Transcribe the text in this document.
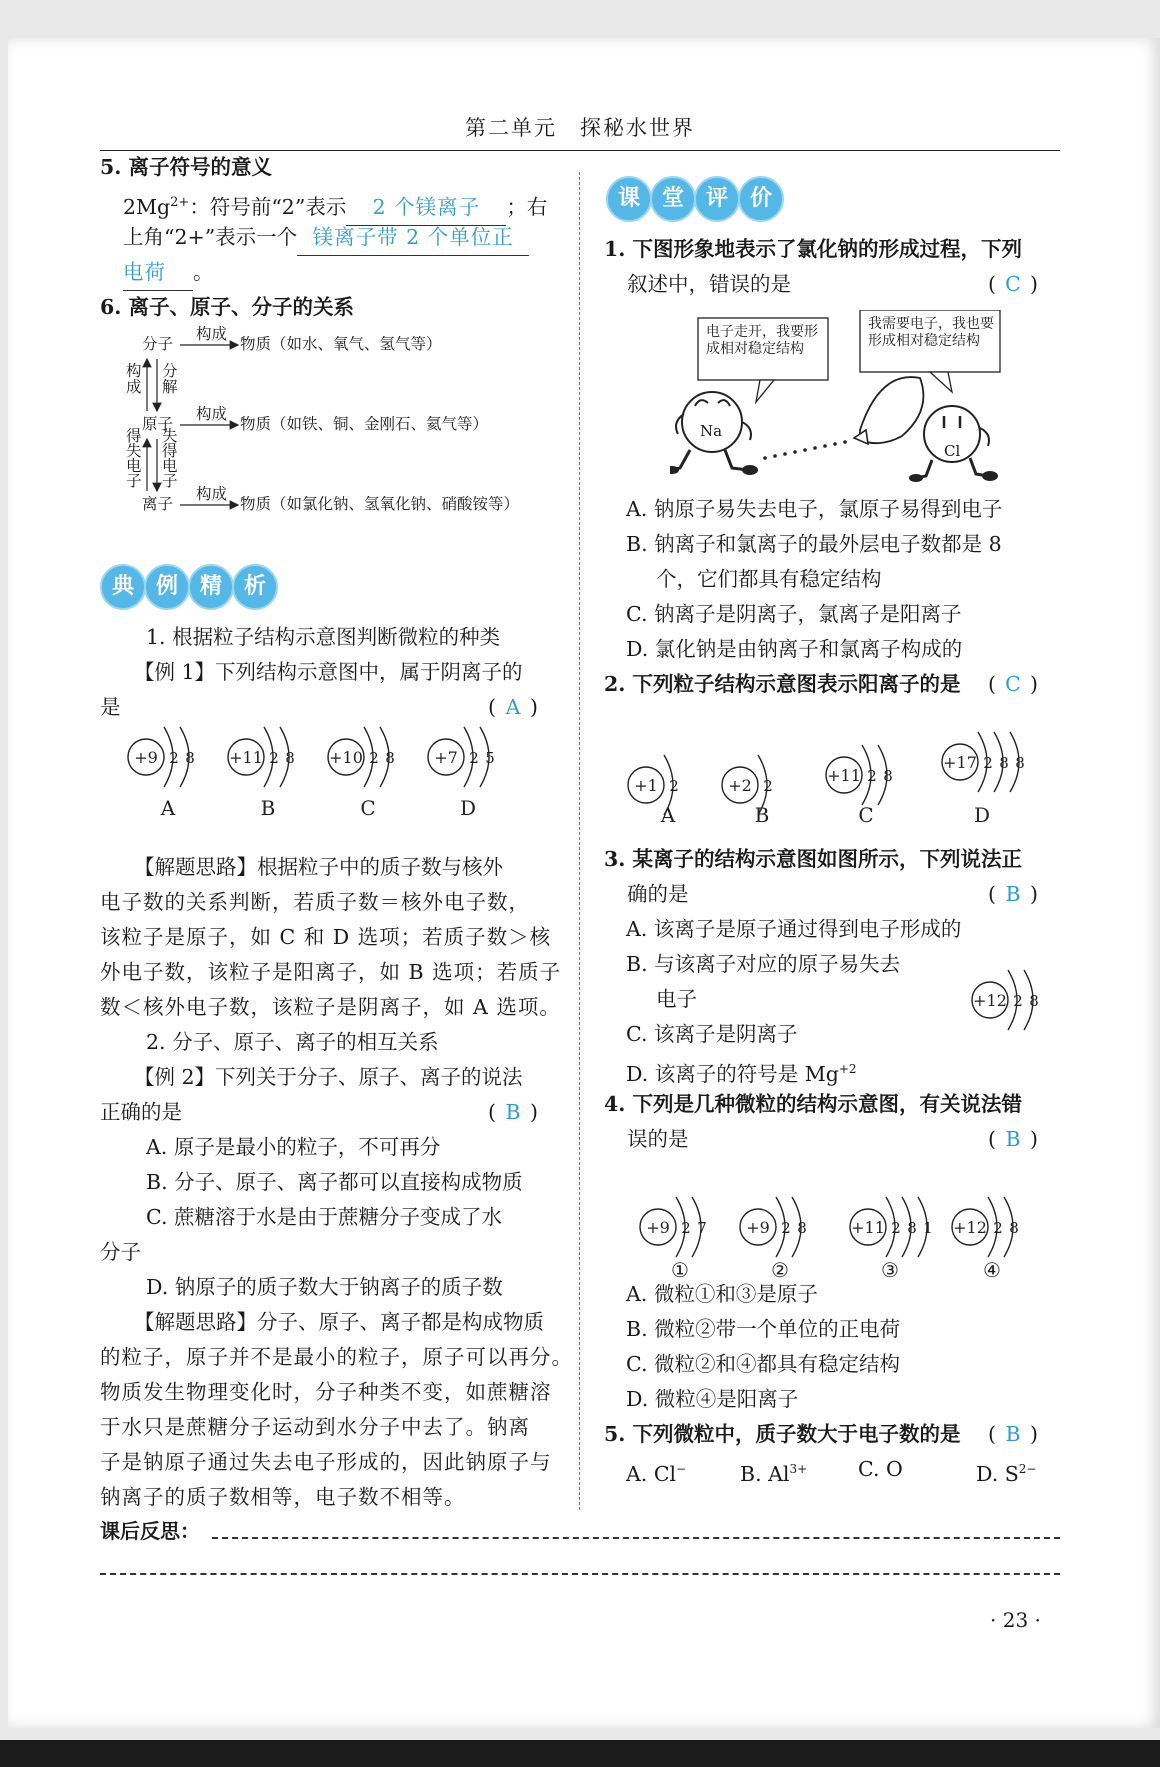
第二单元　探秘水世界
5. 离子符号的意义
$2Mg^{2+}$：符号前“2”表示 2 个镁离子 ；右
上角“2+”表示一个 镁离子带 2 个单位正
电荷 。
6. 离子、原子、分子的关系
分子
原子
离子
构成
构成
构成
物质（如水、氧气、氢气等）
物质（如铁、铜、金刚石、氦气等）
物质（如氯化钠、氢氧化钠、硝酸铵等）
构成
分解
得失电子
失得电子
典 例 精 析
1. 根据粒子结构示意图判断微粒的种类
【例 1】下列结构示意图中，属于阴离子的
是	( A )
+9 2 8
A
+11 2 8
B
+10 2 8
C
+7 2 5
D
【解题思路】根据粒子中的质子数与核外
电子数的关系判断，若质子数＝核外电子数，
该粒子是原子，如 C 和 D 选项；若质子数＞核
外电子数，该粒子是阳离子，如 B 选项；若质子
数＜核外电子数，该粒子是阴离子，如 A 选项。
2. 分子、原子、离子的相互关系
【例 2】下列关于分子、原子、离子的说法
正确的是	( B )
A. 原子是最小的粒子，不可再分
B. 分子、原子、离子都可以直接构成物质
C. 蔗糖溶于水是由于蔗糖分子变成了水
分子
D. 钠原子的质子数大于钠离子的质子数
【解题思路】分子、原子、离子都是构成物质
的粒子，原子并不是最小的粒子，原子可以再分。
物质发生物理变化时，分子种类不变，如蔗糖溶
于水只是蔗糖分子运动到水分子中去了。钠离
子是钠原子通过失去电子形成的，因此钠原子与
钠离子的质子数相等，电子数不相等。
课 堂 评 价
1. 下图形象地表示了氯化钠的形成过程，下列
叙述中，错误的是	( C )
电子走开，我要形成相对稳定结构
我需要电子，我也要形成相对稳定结构
Na
Cl
A. 钠原子易失去电子，氯原子易得到电子
B. 钠离子和氯离子的最外层电子数都是 8
个，它们都具有稳定结构
C. 钠离子是阴离子，氯离子是阳离子
D. 氯化钠是由钠离子和氯离子构成的
2. 下列粒子结构示意图表示阳离子的是 ( C )
+1 2
A
+2 2
B
+11 2 8
C
+17 2 8 8
D
3. 某离子的结构示意图如图所示，下列说法正
确的是	( B )
A. 该离子是原子通过得到电子形成的
B. 与该离子对应的原子易失去
电子
C. 该离子是阴离子
D. 该离子的符号是 $Mg^{+2}$
+12 2 8
4. 下列是几种微粒的结构示意图，有关说法错
误的是	( B )
+9 2 7
①
+9 2 8
②
+11 2 8 1
③
+12 2 8
④
A. 微粒①和③是原子
B. 微粒②带一个单位的正电荷
C. 微粒②和④都具有稳定结构
D. 微粒④是阳离子
5. 下列微粒中，质子数大于电子数的是 ( B )
A. Cl−	B. $Al^{3+}$ C. O	D. $S^{2-}$
课后反思：
· 23 ·
